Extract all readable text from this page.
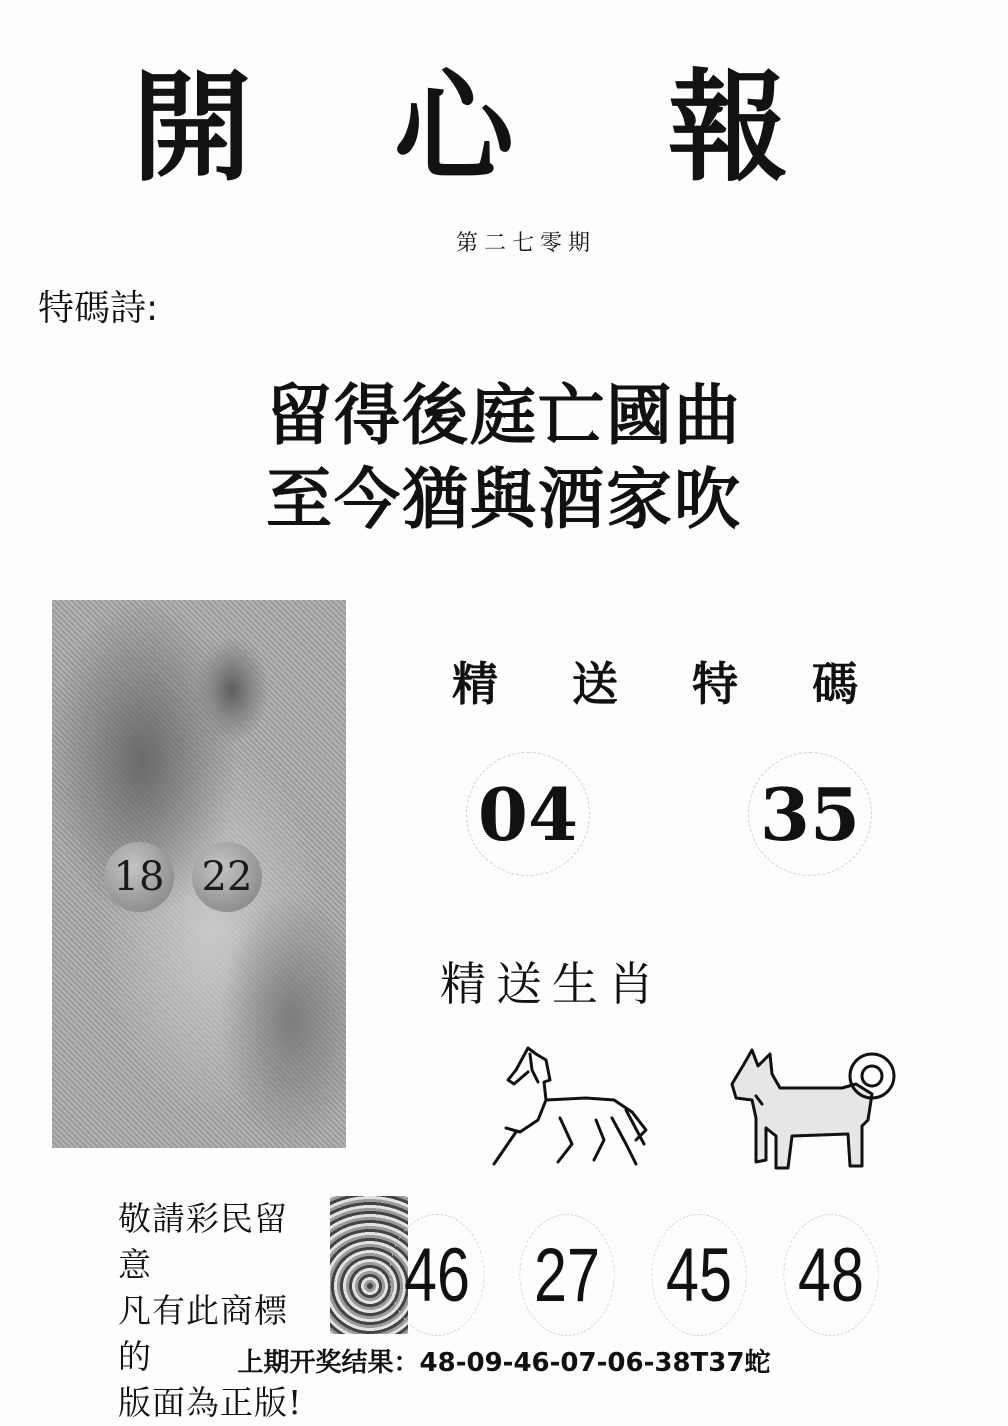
開 心 報
第二七零期
特碼詩:
留得後庭亡國曲
至今猶與酒家吹
18 22
精 送 特 碼
04	35
精送生肖
敬請彩民留意
凡有此商標的
版面為正版!
46 27 45 48
上期开奖结果：48-09-46-07-06-38T37蛇
